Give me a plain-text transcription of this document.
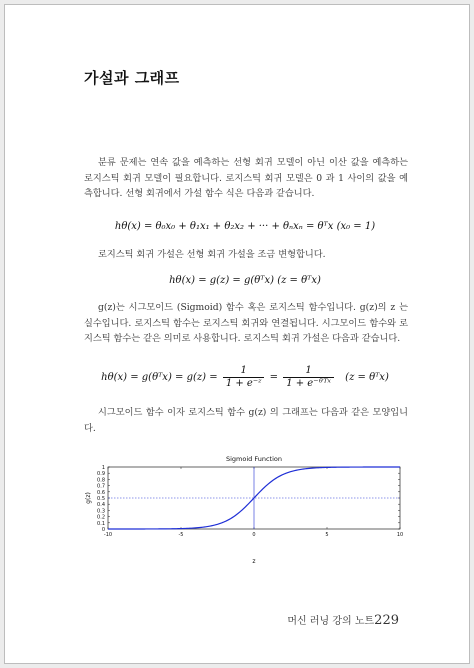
가설과 그래프
분류 문제는 연속 값을 예측하는 선형 회귀 모델이 아닌 이산 값을 예측하는 로지스틱 회귀 모델이 필요합니다. 로지스틱 회귀 모델은 0 과 1 사이의 값을 예측합니다. 선형 회귀에서 가설 함수 식은 다음과 같습니다.
hθ(x) = θ₀x₀ + θ₁x₁ + θ₂x₂ + ··· + θₙxₙ = θᵀx (x₀ = 1)
로지스틱 회귀 가설은 선형 회귀 가설을 조금 변형합니다.
hθ(x) = g(z) = g(θᵀx) (z = θᵀx)
g(z)는 시그모이드 (Sigmoid) 함수 혹은 로지스틱 함수입니다. g(z)의 z 는 실수입니다. 로지스틱 함수는 로지스틱 회귀와 연결됩니다. 시그모이드 함수와 로지스틱 함수는 같은 의미로 사용합니다. 로지스틱 회귀 가설은 다음과 같습니다.
hθ(x) = g(θᵀx) = $g(z) = \frac{1}{\text{1 + e⁻ᶻ}} = \frac{1}{\text{1 + e⁻ᶿᵀˣ}} (z$ = θᵀx)
시그모이드 함수 이자 로지스틱 함수 g(z) 의 그래프는 다음과 같은 모양입니다.
Sigmoid Function
g(z)
z
0
0.1
0.2
0.3
0.4
0.5
0.6
0.7
0.8
0.9
1
-10	-5	0	5	10
머신 러닝 강의 노트229
